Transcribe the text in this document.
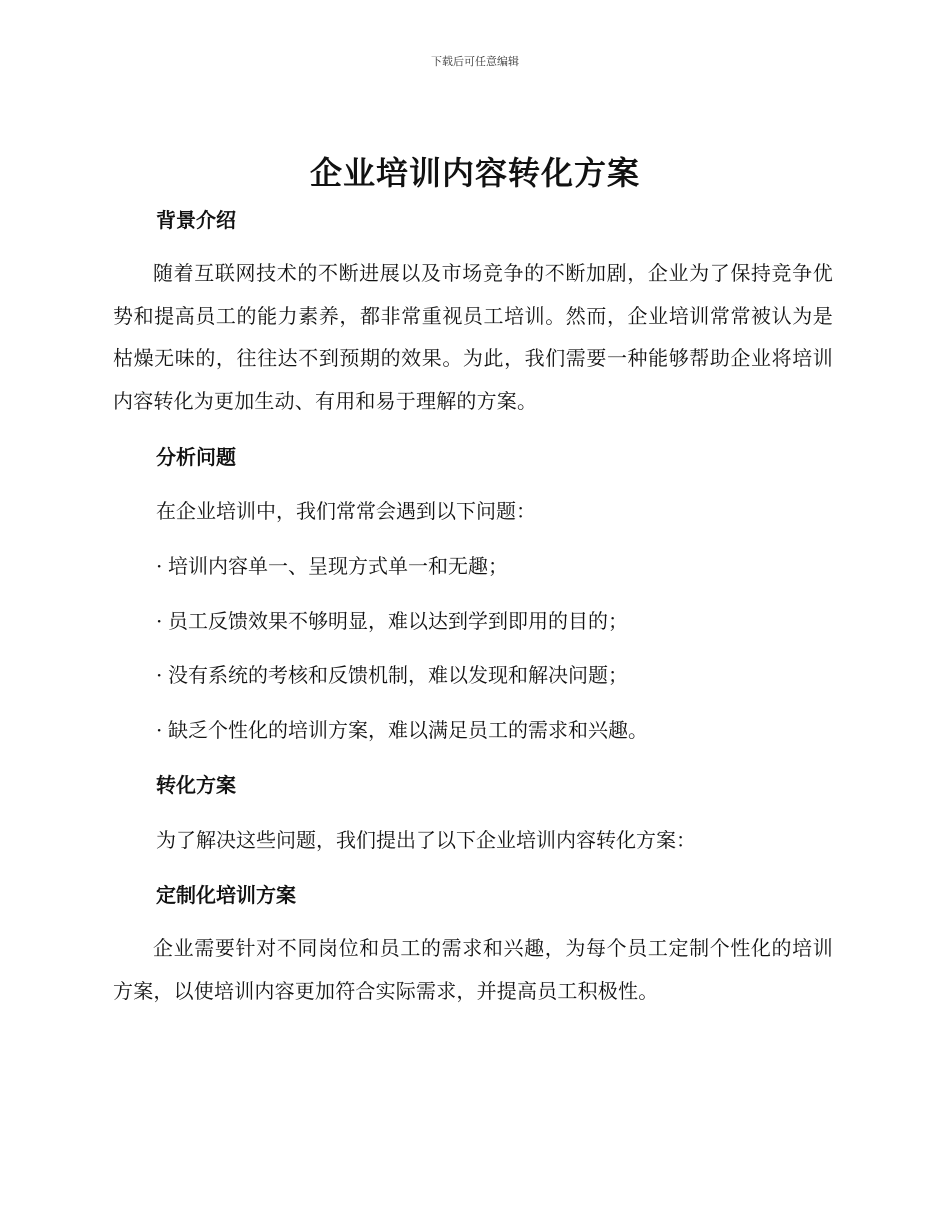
下载后可任意编辑
企业培训内容转化方案
背景介绍

随着互联网技术的不断进展以及市场竞争的不断加剧，企业为了保持竞争优势和提高员工的能力素养，都非常重视员工培训。然而，企业培训常常被认为是枯燥无味的，往往达不到预期的效果。为此，我们需要一种能够帮助企业将培训内容转化为更加生动、有用和易于理解的方案。

分析问题
在企业培训中，我们常常会遇到以下问题：
· 培训内容单一、呈现方式单一和无趣；
· 员工反馈效果不够明显，难以达到学到即用的目的；
· 没有系统的考核和反馈机制，难以发现和解决问题；
· 缺乏个性化的培训方案，难以满足员工的需求和兴趣。
转化方案
为了解决这些问题，我们提出了以下企业培训内容转化方案：
定制化培训方案

企业需要针对不同岗位和员工的需求和兴趣，为每个员工定制个性化的培训方案，以使培训内容更加符合实际需求，并提高员工积极性。
